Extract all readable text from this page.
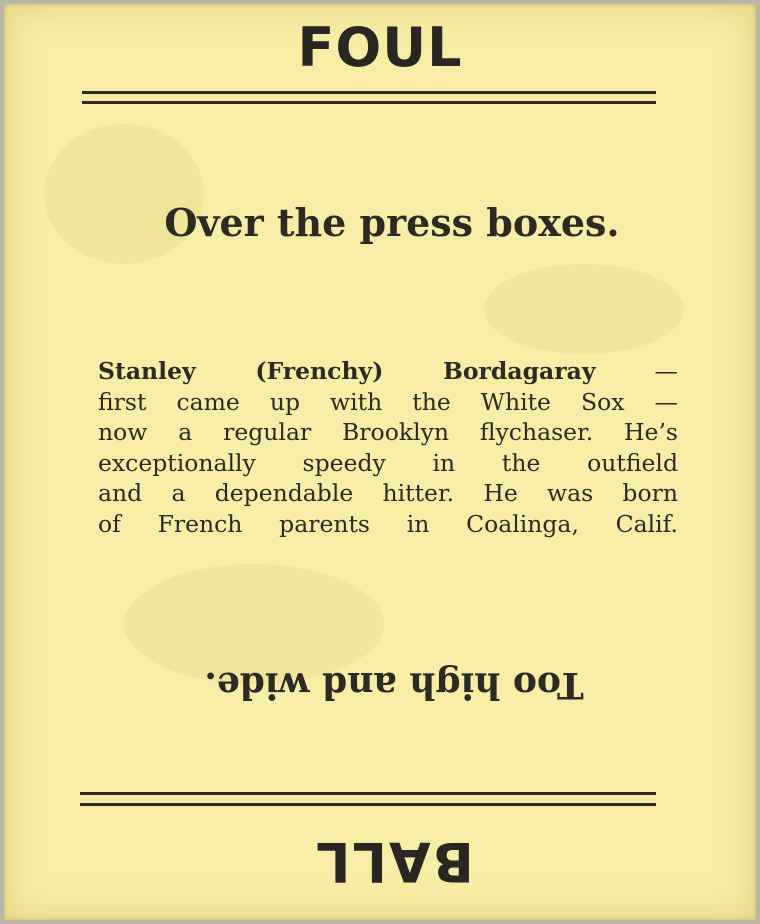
FOUL
Over the press boxes.
Stanley (Frenchy) Bordagaray	—
first came up with the White Sox —
now a regular Brooklyn flychaser. He’s
exceptionally speedy in the outfield
and a dependable hitter. He was born
of French parents in Coalinga, Calif.
Too high and wide.
BALL
